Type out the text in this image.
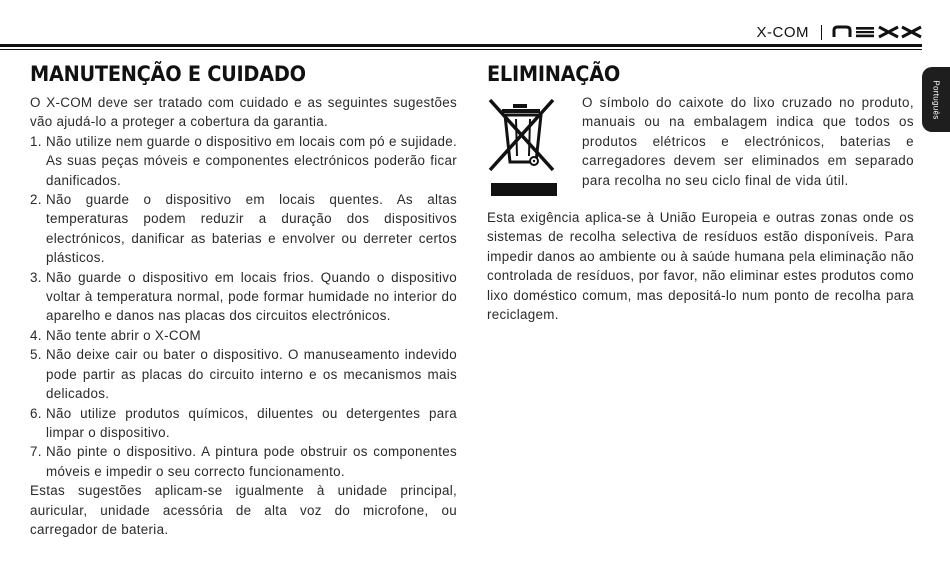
X-COM
Português
MANUTENÇÃO E CUIDADO	ELIMINAÇÃO

O X-COM deve ser tratado com cuidado e as seguintes sugestões vão ajudá-lo a proteger a cobertura da garantia.

1. Não utilize nem guarde o dispositivo em locais com pó e sujidade. As suas peças móveis e componentes electrónicos poderão ficar danificados.
2. Não guarde o dispositivo em locais quentes. As altas temperaturas podem reduzir a duração dos dispositivos electrónicos, danificar as baterias e envolver ou derreter certos plásticos.
3. Não guarde o dispositivo em locais frios. Quando o dispositivo voltar à temperatura normal, pode formar humidade no interior do aparelho e danos nas placas dos circuitos electrónicos.
4. Não tente abrir o X-COM
5. Não deixe cair ou bater o dispositivo. O manuseamento indevido pode partir as placas do circuito interno e os mecanismos mais delicados.
6. Não utilize produtos químicos, diluentes ou detergentes para limpar o dispositivo.
7. Não pinte o dispositivo. A pintura pode obstruir os componentes móveis e impedir o seu correcto funcionamento.

Estas sugestões aplicam-se igualmente à unidade principal, auricular, unidade acessória de alta voz do microfone, ou carregador de bateria.

O símbolo do caixote do lixo cruzado no produto, manuais ou na embalagem indica que todos os produtos elétricos e electrónicos, baterias e carregadores devem ser eliminados em separado para recolha no seu ciclo final de vida útil.

Esta exigência aplica-se à União Europeia e outras zonas onde os sistemas de recolha selectiva de resíduos estão disponíveis. Para impedir danos ao ambiente ou à saúde humana pela eliminação não controlada de resíduos, por favor, não eliminar estes produtos como lixo doméstico comum, mas depositá-lo num ponto de recolha para reciclagem.
